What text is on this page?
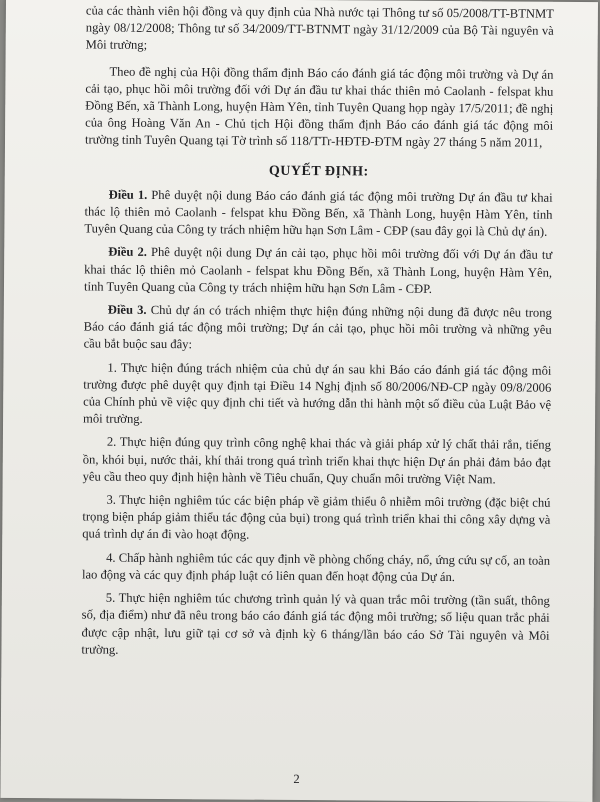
của các thành viên hội đồng và quy định của Nhà nước tại Thông tư số 05/2008/TT-BTNMT ngày 08/12/2008; Thông tư số 34/2009/TT-BTNMT ngày 31/12/2009 của Bộ Tài nguyên và Môi trường;

Theo đề nghị của Hội đồng thẩm định Báo cáo đánh giá tác động môi trường và Dự án cải tạo, phục hồi môi trường đối với Dự án đầu tư khai thác thiên mỏ Caolanh - felspat khu Đồng Bến, xã Thành Long, huyện Hàm Yên, tỉnh Tuyên Quang họp ngày 17/5/2011; đề nghị của ông Hoàng Văn An - Chủ tịch Hội đồng thẩm định Báo cáo đánh giá tác động môi trường tỉnh Tuyên Quang tại Tờ trình số 118/TTr-HĐTĐ-ĐTM ngày 27 tháng 5 năm 2011,

QUYẾT ĐỊNH:

Điều 1. Phê duyệt nội dung Báo cáo đánh giá tác động môi trường Dự án đầu tư khai thác lộ thiên mỏ Caolanh - felspat khu Đồng Bến, xã Thành Long, huyện Hàm Yên, tỉnh Tuyên Quang của Công ty trách nhiệm hữu hạn Sơn Lâm - CĐP (sau đây gọi là Chủ dự án).

Điều 2. Phê duyệt nội dung Dự án cải tạo, phục hồi môi trường đối với Dự án đầu tư khai thác lộ thiên mỏ Caolanh - felspat khu Đồng Bến, xã Thành Long, huyện Hàm Yên, tỉnh Tuyên Quang của Công ty trách nhiệm hữu hạn Sơn Lâm - CĐP.

Điều 3. Chủ dự án có trách nhiệm thực hiện đúng những nội dung đã được nêu trong Báo cáo đánh giá tác động môi trường; Dự án cải tạo, phục hồi môi trường và những yêu cầu bắt buộc sau đây:

1. Thực hiện đúng trách nhiệm của chủ dự án sau khi Báo cáo đánh giá tác động môi trường được phê duyệt quy định tại Điều 14 Nghị định số 80/2006/NĐ-CP ngày 09/8/2006 của Chính phủ về việc quy định chi tiết và hướng dẫn thi hành một số điều của Luật Bảo vệ môi trường.

2. Thực hiện đúng quy trình công nghệ khai thác và giải pháp xử lý chất thải rắn, tiếng ồn, khói bụi, nước thải, khí thải trong quá trình triển khai thực hiện Dự án phải đảm bảo đạt yêu cầu theo quy định hiện hành về Tiêu chuẩn, Quy chuẩn môi trường Việt Nam.

3. Thực hiện nghiêm túc các biện pháp về giảm thiểu ô nhiễm môi trường (đặc biệt chú trọng biện pháp giảm thiểu tác động của bụi) trong quá trình triển khai thi công xây dựng và quá trình dự án đi vào hoạt động.

4. Chấp hành nghiêm túc các quy định về phòng chống cháy, nổ, ứng cứu sự cố, an toàn lao động và các quy định pháp luật có liên quan đến hoạt động của Dự án.

5. Thực hiện nghiêm túc chương trình quản lý và quan trắc môi trường (tần suất, thông số, địa điểm) như đã nêu trong báo cáo đánh giá tác động môi trường; số liệu quan trắc phải được cập nhật, lưu giữ tại cơ sở và định kỳ 6 tháng/lần báo cáo Sở Tài nguyên và Môi trường.

2
